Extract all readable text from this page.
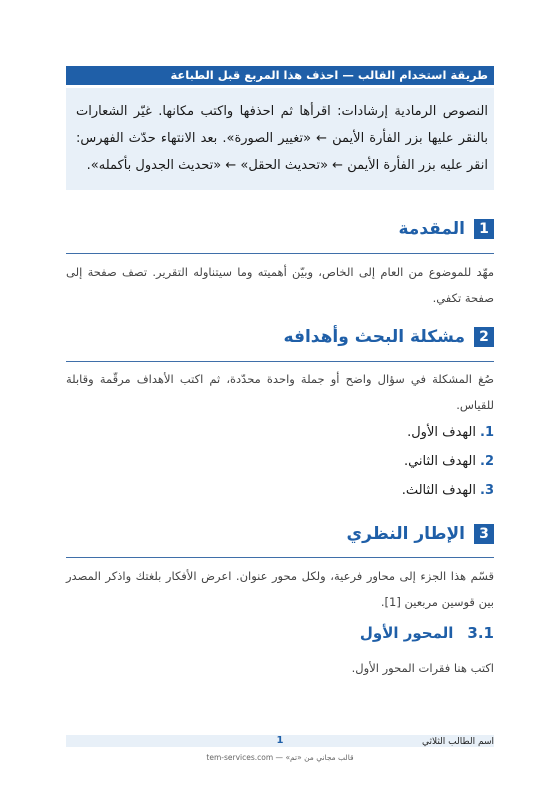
طريقة استخدام القالب — احذف هذا المربع قبل الطباعة
النصوص الرمادية إرشادات: اقرأها ثم احذفها واكتب مكانها. غيّر الشعارات بالنقر عليها بزر الفأرة الأيمن ← «تغيير الصورة». بعد الانتهاء حدّث الفهرس: انقر عليه بزر الفأرة الأيمن ← «تحديث الحقل» ← «تحديث الجدول بأكمله».
1
المقدمة
مهّد للموضوع من العام إلى الخاص، وبيّن أهميته وما سيتناوله التقرير. تصف صفحة إلى صفحة تكفي.
2
مشكلة البحث وأهدافه
صُغ المشكلة في سؤال واضح أو جملة واحدة محدّدة، ثم اكتب الأهداف مرقّمة وقابلة للقياس.
1.
الهدف الأول.
2.
الهدف الثاني.
3.
الهدف الثالث.
3
الإطار النظري
قسّم هذا الجزء إلى محاور فرعية، ولكل محور عنوان. اعرض الأفكار بلغتك واذكر المصدر بين قوسين مربعين [1].
3.1
المحور الأول
اكتب هنا فقرات المحور الأول.
اسم الطالب الثلاثي
1
قالب مجاني من «تم» — tem-services.com
